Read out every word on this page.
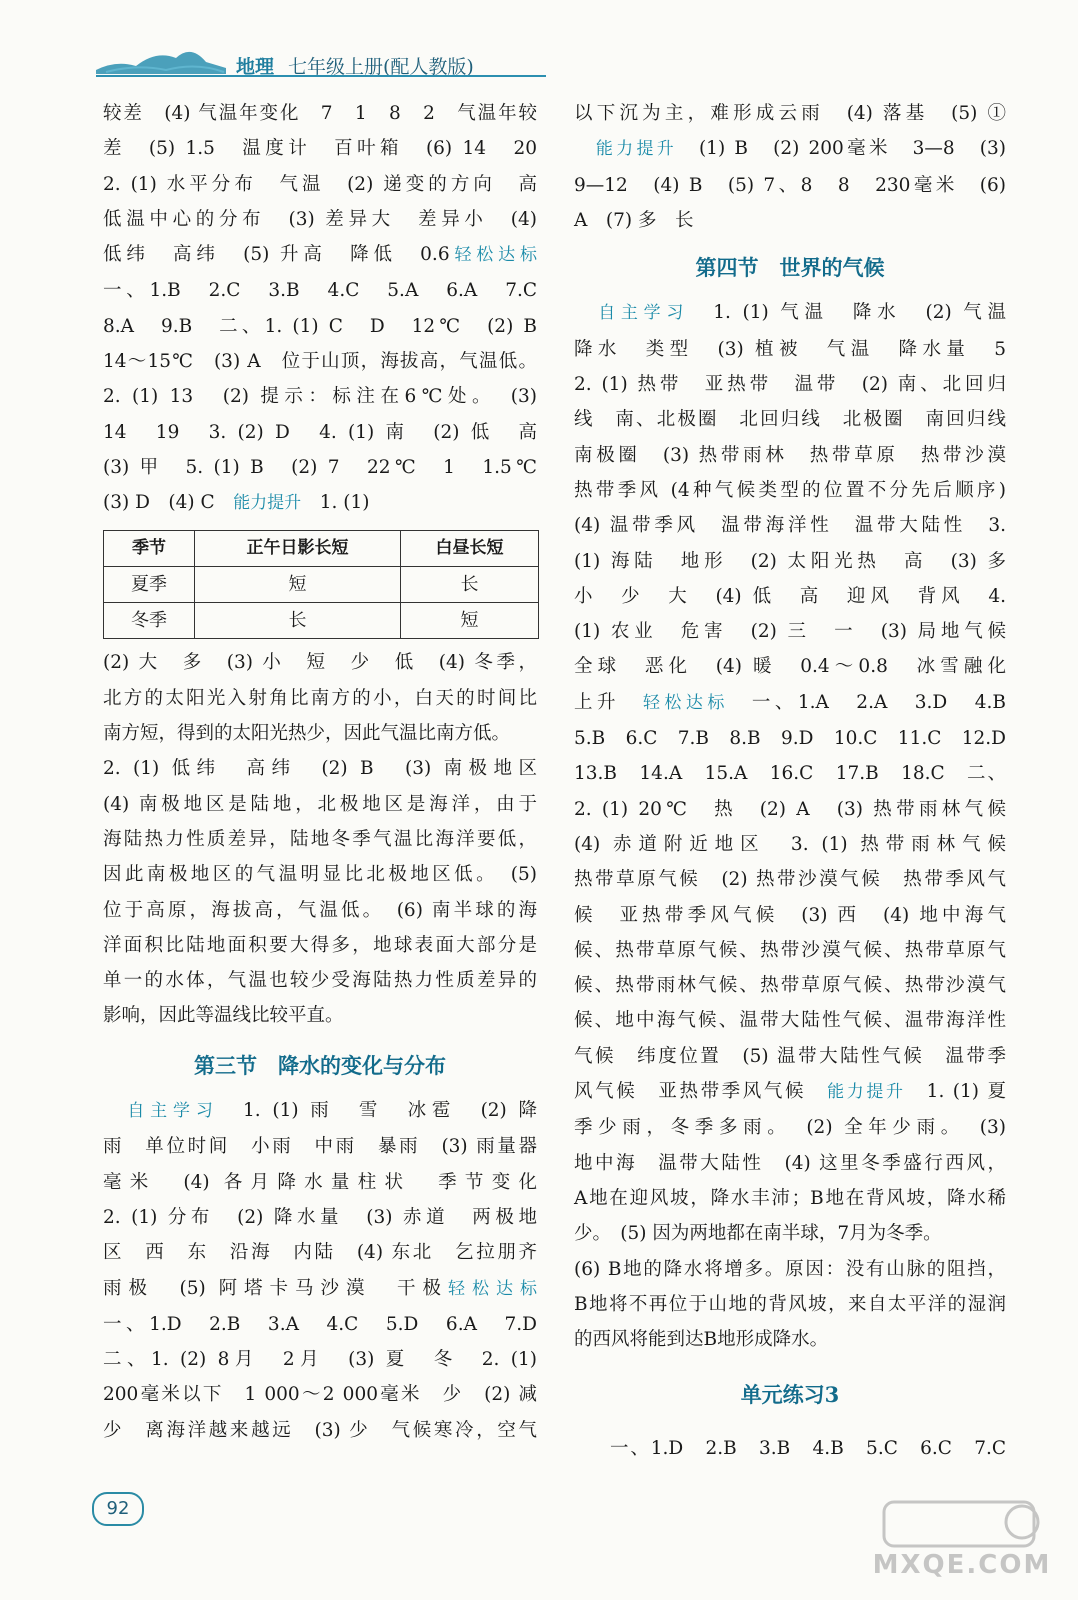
地理 七年级上册(配人教版)

较差　(4) 气温年变化　7　1　8　2　气温年较

差　(5) 1.5　温度计　百叶箱　(6) 14　20

2. (1) 水平分布　气温　(2) 递变的方向　高

低温中心的分布　(3) 差异大　差异小　(4)

低纬　高纬　(5) 升高　降低　0.6轻松达标

一、1.B　2.C　3.B　4.C　5.A　6.A　7.C

8.A　9.B　二、1. (1) C　D　12℃　(2) B

14～15℃　(3) A　位于山顶，海拔高，气温低。

2. (1) 13　(2) 提示：标注在6℃处。　(3)

14　19　3. (2) D　4. (1) 南　(2) 低　高

(3) 甲　5. (1) B　(2) 7　22℃　1　1.5℃

(3) D　(4) C　 能力提升　 1. (1)

季节	正午日影长短	白昼长短
夏季	短	长
冬季	长	短

(2) 大　多　(3) 小　短　少　低　(4) 冬季，

北方的太阳光入射角比南方的小，白天的时间比

南方短，得到的太阳光热少，因此气温比南方低。

2. (1) 低纬　高纬　(2) B　(3) 南极地区

(4) 南极地区是陆地，北极地区是海洋，由于

海陆热力性质差异，陆地冬季气温比海洋要低，

因此南极地区的气温明显比北极地区低。　(5)

位于高原，海拔高，气温低。　(6) 南半球的海

洋面积比陆地面积要大得多，地球表面大部分是

单一的水体，气温也较少受海陆热力性质差异的

影响，因此等温线比较平直。

第三节　降水的变化与分布

　自主学习　 1. (1) 雨　雪　冰雹　(2) 降

雨　单位时间　小雨　中雨　暴雨　(3) 雨量器

毫米　(4) 各月降水量柱状　季节变化

2. (1) 分布　(2) 降水量　(3) 赤道　两极地

区　西　东　沿海　内陆　(4) 东北　乞拉朋齐

雨极　(5) 阿塔卡马沙漠　干极轻松达标

一、1.D　2.B　3.A　4.C　5.D　6.A　7.D

二、1. (2) 8月　2月　(3) 夏　冬　2. (1)

200毫米以下　1 000～2 000毫米　少　(2) 减

少　离海洋越来越远　(3) 少　气候寒冷，空气

以下沉为主，难形成云雨　(4) 落基　(5) ①

　能力提升　 (1) B　(2) 200毫米　3—8　(3)

9—12　(4) B　(5) 7、8　8　230毫米　(6)

A　(7) 多　长

第四节　世界的气候

　自主学习　 1. (1) 气温　降水　(2) 气温

降水　类型　(3) 植被　气温　降水量　5

2. (1) 热带　亚热带　温带　(2) 南、北回归

线　南、北极圈　北回归线　北极圈　南回归线

南极圈　(3) 热带雨林　热带草原　热带沙漠

热带季风 (4种气候类型的位置不分先后顺序)

(4) 温带季风　温带海洋性　温带大陆性　3.

(1) 海陆　地形　(2) 太阳光热　高　(3) 多

小　少　大　(4) 低　高　迎风　背风　4.

(1) 农业　危害　(2) 三　一　(3) 局地气候

全球　恶化　(4) 暖　0.4～0.8　冰雪融化

上升　 轻松达标　 一、1.A　2.A　3.D　4.B

5.B　6.C　7.B　8.B　9.D　10.C　11.C　12.D

13.B　14.A　15.A　16.C　17.B　18.C　二、

2. (1) 20℃　热　(2) A　(3) 热带雨林气候

(4) 赤道附近地区　3. (1) 热带雨林气候

热带草原气候　(2) 热带沙漠气候　热带季风气

候　亚热带季风气候　(3) 西　(4) 地中海气

候、热带草原气候、热带沙漠气候、热带草原气

候、热带雨林气候、热带草原气候、热带沙漠气

候、地中海气候、温带大陆性气候、温带海洋性

气候　纬度位置　(5) 温带大陆性气候　温带季

风气候　亚热带季风气候　 能力提升　 1. (1) 夏

季少雨，冬季多雨。　(2) 全年少雨。　(3)

地中海　温带大陆性　(4) 这里冬季盛行西风，

A地在迎风坡，降水丰沛；B地在背风坡，降水稀

少。　(5) 因为两地都在南半球，7月为冬季。

(6) B地的降水将增多。原因：没有山脉的阻挡，

B地将不再位于山地的背风坡，来自太平洋的湿润

的西风将能到达B地形成降水。

单元练习3

一、1.D　2.B　3.B　4.B　5.C　6.C　7.C

92
MXQE.COM
